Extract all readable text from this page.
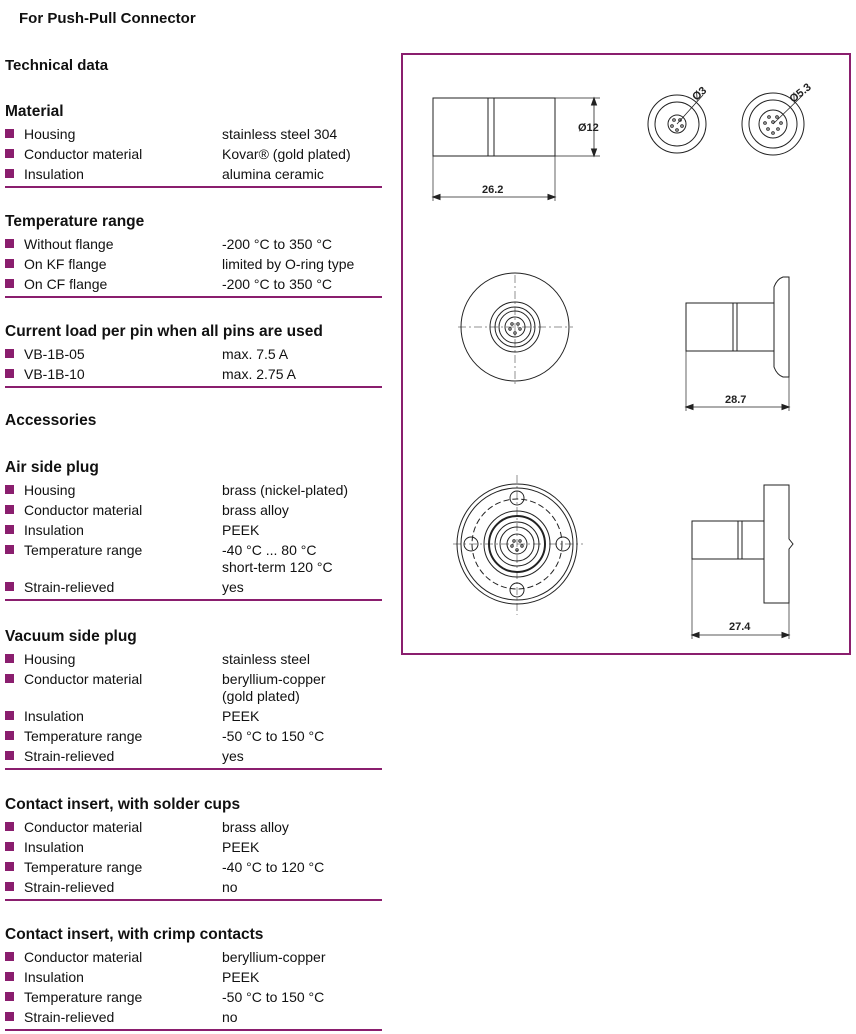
For Push-Pull Connector
Technical data
Accessories
Material
Housing	stainless steel 304
Conductor material	Kovar® (gold plated)
Insulation	alumina ceramic
Temperature range
Without flange	-200 °C to 350 °C
On KF flange	limited by O-ring type
On CF flange	-200 °C to 350 °C
Current load per pin when all pins are used
VB-1B-05	max. 7.5 A
VB-1B-10	max. 2.75 A
Air side plug
Housing	brass (nickel-plated)
Conductor material	brass alloy
Insulation	PEEK
Temperature range	-40 °C ... 80 °C
short-term 120 °C
Strain-relieved	yes
Vacuum side plug
Housing	stainless steel
Conductor material	beryllium-copper
(gold plated)
Insulation	PEEK
Temperature range	-50 °C to 150 °C
Strain-relieved	yes
Contact insert, with solder cups
Conductor material	brass alloy
Insulation	PEEK
Temperature range	-40 °C to 120 °C
Strain-relieved	no
Contact insert, with crimp contacts
Conductor material	beryllium-copper
Insulation	PEEK
Temperature range	-50 °C to 150 °C
Strain-relieved	no
26.2
Ø12
Ø3	Ø5.3
28.7
27.4
